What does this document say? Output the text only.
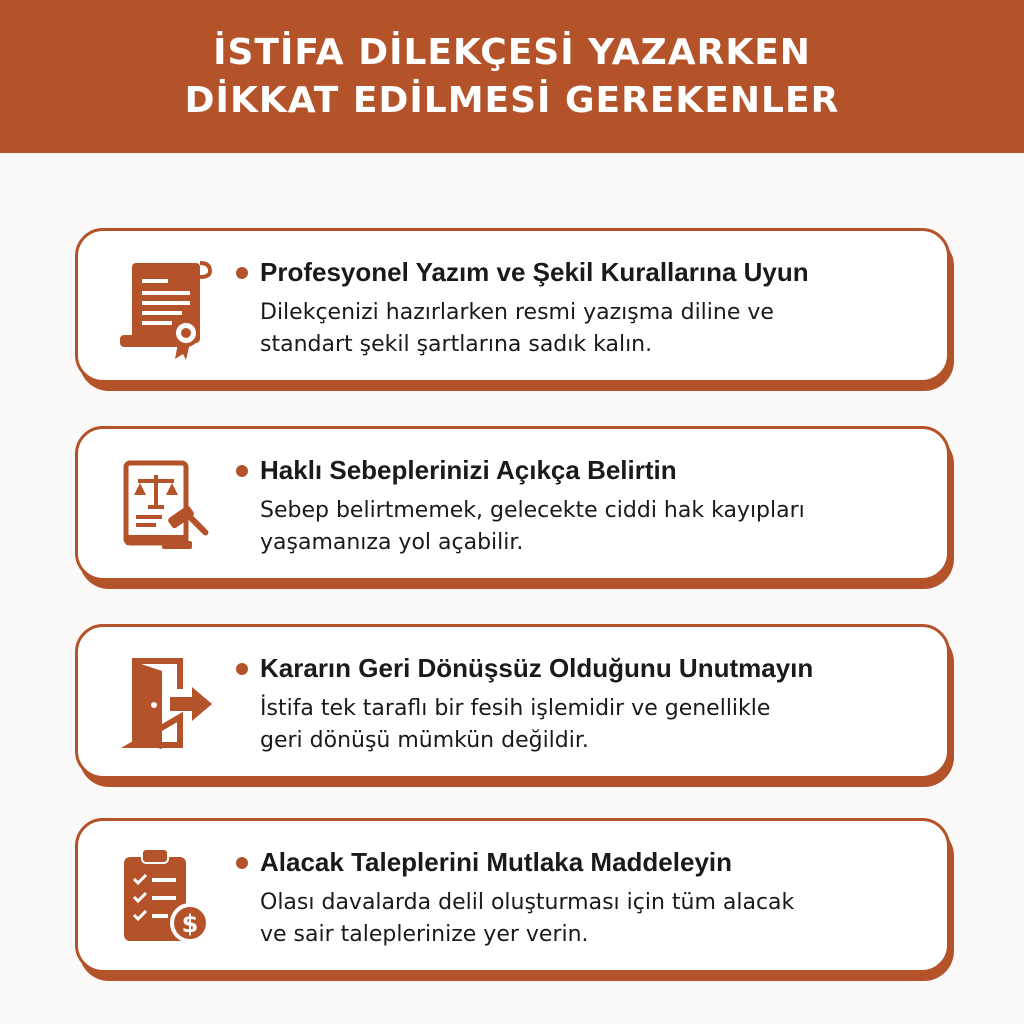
İSTİFA DİLEKÇESİ YAZARKEN
DİKKAT EDİLMESİ GEREKENLER
Profesyonel Yazım ve Şekil Kurallarına Uyun
Dilekçenizi hazırlarken resmi yazışma diline ve
standart şekil şartlarına sadık kalın.
Haklı Sebeplerinizi Açıkça Belirtin
Sebep belirtmemek, gelecekte ciddi hak kayıpları
yaşamanıza yol açabilir.
Kararın Geri Dönüşsüz Olduğunu Unutmayın
İstifa tek taraflı bir fesih işlemidir ve genellikle
geri dönüşü mümkün değildir.
$
Alacak Taleplerini Mutlaka Maddeleyin
Olası davalarda delil oluşturması için tüm alacak
ve sair taleplerinize yer verin.
